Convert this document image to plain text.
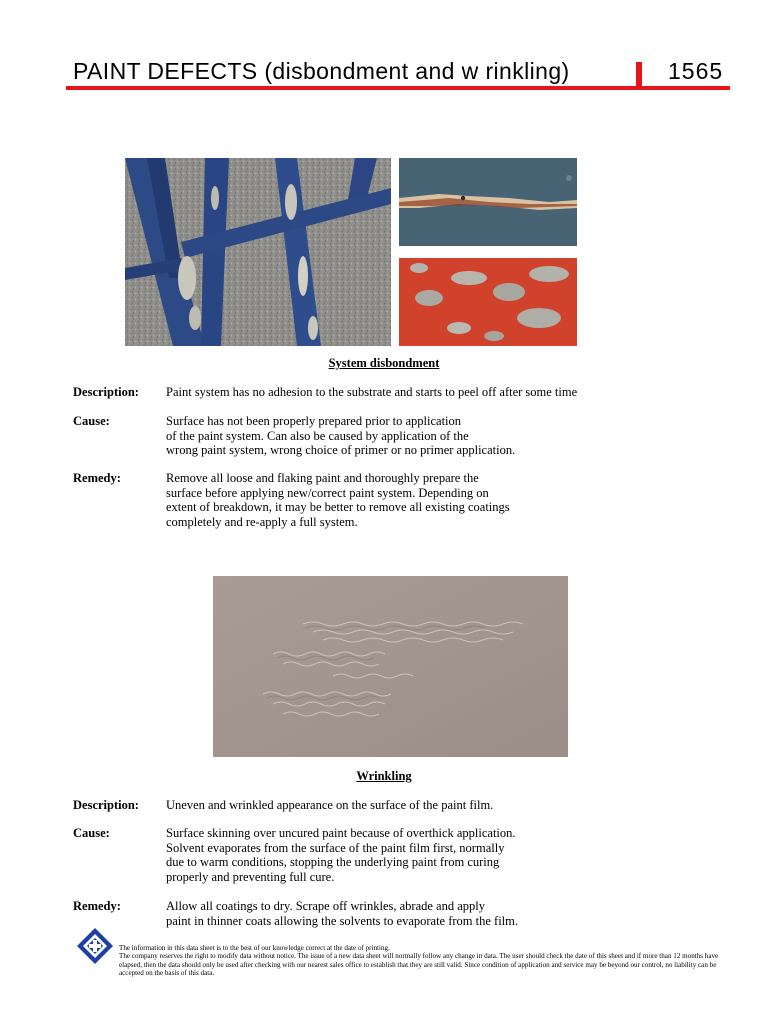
PAINT DEFECTS (disbondment and w rinkling)	1565
System disbondment
Description: Paint system has no adhesion to the substrate and starts to peel off after some time
Cause:	Surface has not been properly prepared prior to application
of the paint system. Can also be caused by application of the
wrong paint system, wrong choice of primer or no primer application.
Remedy:	Remove all loose and flaking paint and thoroughly prepare the
surface before applying new/correct paint system. Depending on
extent of breakdown, it may be better to remove all existing coatings
completely and re-apply a full system.
Wrinkling
Description: Uneven and wrinkled appearance on the surface of the paint film.
Cause:	Surface skinning over uncured paint because of overthick application.
Solvent evaporates from the surface of the paint film first, normally
due to warm conditions, stopping the underlying paint from curing
properly and preventing full cure.
Remedy:	Allow all coatings to dry. Scrape off wrinkles, abrade and apply
paint in thinner coats allowing the solvents to evaporate from the film.
The information in this data sheet is to the best of our knowledge correct at the date of printing.
The company reserves the right to modify data without notice. The issue of a new data sheet will normally follow any change in data. The user should check the date of this sheet and if more than 12 months have elapsed, then the data should only be used after checking with our nearest sales office to establish that they are still valid. Since condition of application and service may be beyond our control, no liability can be accepted on the basis of this data.
